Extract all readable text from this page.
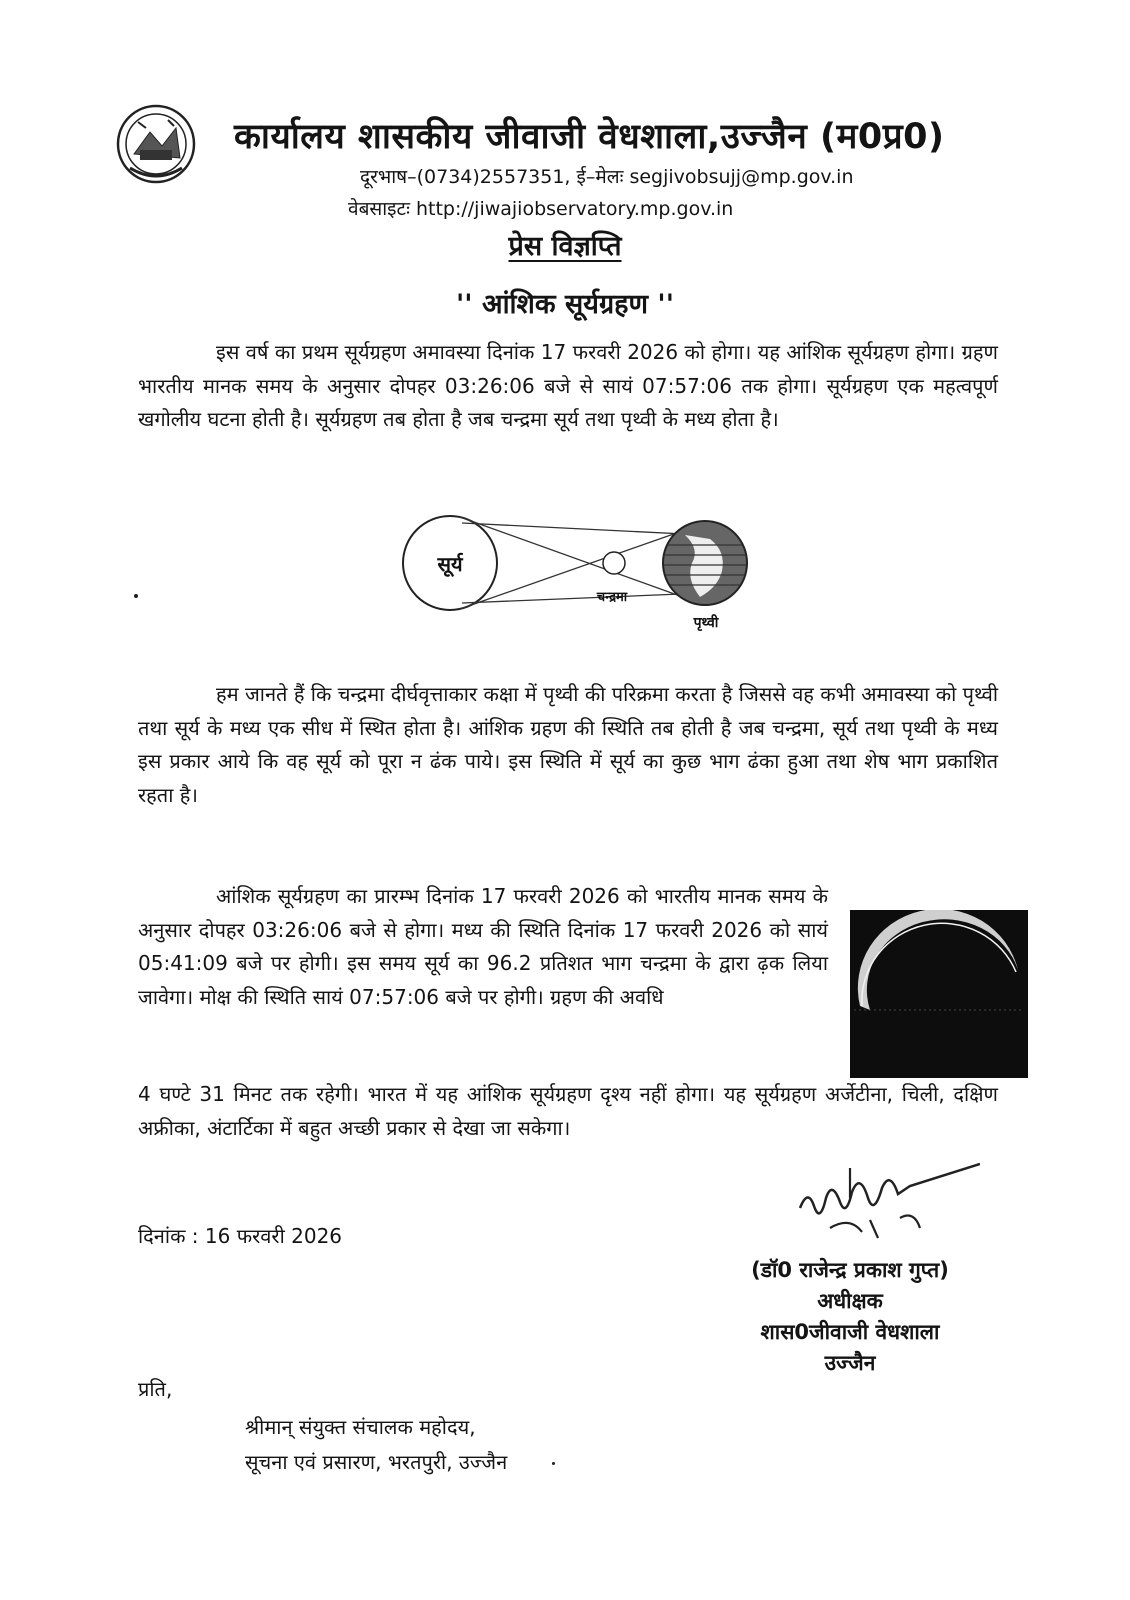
कार्यालय शासकीय जीवाजी वेधशाला,उज्जैन (म0प्र0)
दूरभाष–(0734)2557351, ई–मेलः segjivobsujj@mp.gov.in
वेबसाइटः http://jiwajiobservatory.mp.gov.in
प्रेस विज्ञप्ति
'' आंशिक सूर्यग्रहण ''

इस वर्ष का प्रथम सूर्यग्रहण अमावस्या दिनांक 17 फरवरी 2026 को होगा। यह आंशिक सूर्यग्रहण होगा। ग्रहण भारतीय मानक समय के अनुसार दोपहर 03:26:06 बजे से सायं 07:57:06 तक होगा। सूर्यग्रहण एक महत्वपूर्ण खगोलीय घटना होती है। सूर्यग्रहण तब होता है जब चन्द्रमा सूर्य तथा पृथ्वी के मध्य होता है।

सूर्य
चन्द्रमा
पृथ्वी

हम जानते हैं कि चन्द्रमा दीर्घवृत्ताकार कक्षा में पृथ्वी की परिक्रमा करता है जिससे वह कभी अमावस्या को पृथ्वी तथा सूर्य के मध्य एक सीध में स्थित होता है। आंशिक ग्रहण की स्थिति तब होती है जब चन्द्रमा, सूर्य तथा पृथ्वी के मध्य इस प्रकार आये कि वह सूर्य को पूरा न ढंक पाये। इस स्थिति में सूर्य का कुछ भाग ढंका हुआ तथा शेष भाग प्रकाशित रहता है।

आंशिक सूर्यग्रहण का प्रारम्भ दिनांक 17 फरवरी 2026 को भारतीय मानक समय के अनुसार दोपहर 03:26:06 बजे से होगा। मध्य की स्थिति दिनांक 17 फरवरी 2026 को सायं 05:41:09 बजे पर होगी। इस समय सूर्य का 96.2 प्रतिशत भाग चन्द्रमा के द्वारा ढ़क लिया जावेगा। मोक्ष की स्थिति सायं 07:57:06 बजे पर होगी। ग्रहण की अवधि

4 घण्टे 31 मिनट तक रहेगी। भारत में यह आंशिक सूर्यग्रहण दृश्य नहीं होगा। यह सूर्यग्रहण अर्जेटीना, चिली, दक्षिण अफ्रीका, अंटार्टिका में बहुत अच्छी प्रकार से देखा जा सकेगा।

दिनांक : 16 फरवरी 2026
(डॉ0 राजेन्द्र प्रकाश गुप्त)
अधीक्षक
शास0जीवाजी वेधशाला
उज्जैन
प्रति,
श्रीमान् संयुक्त संचालक महोदय,
सूचना एवं प्रसारण, भरतपुरी, उज्जैन
